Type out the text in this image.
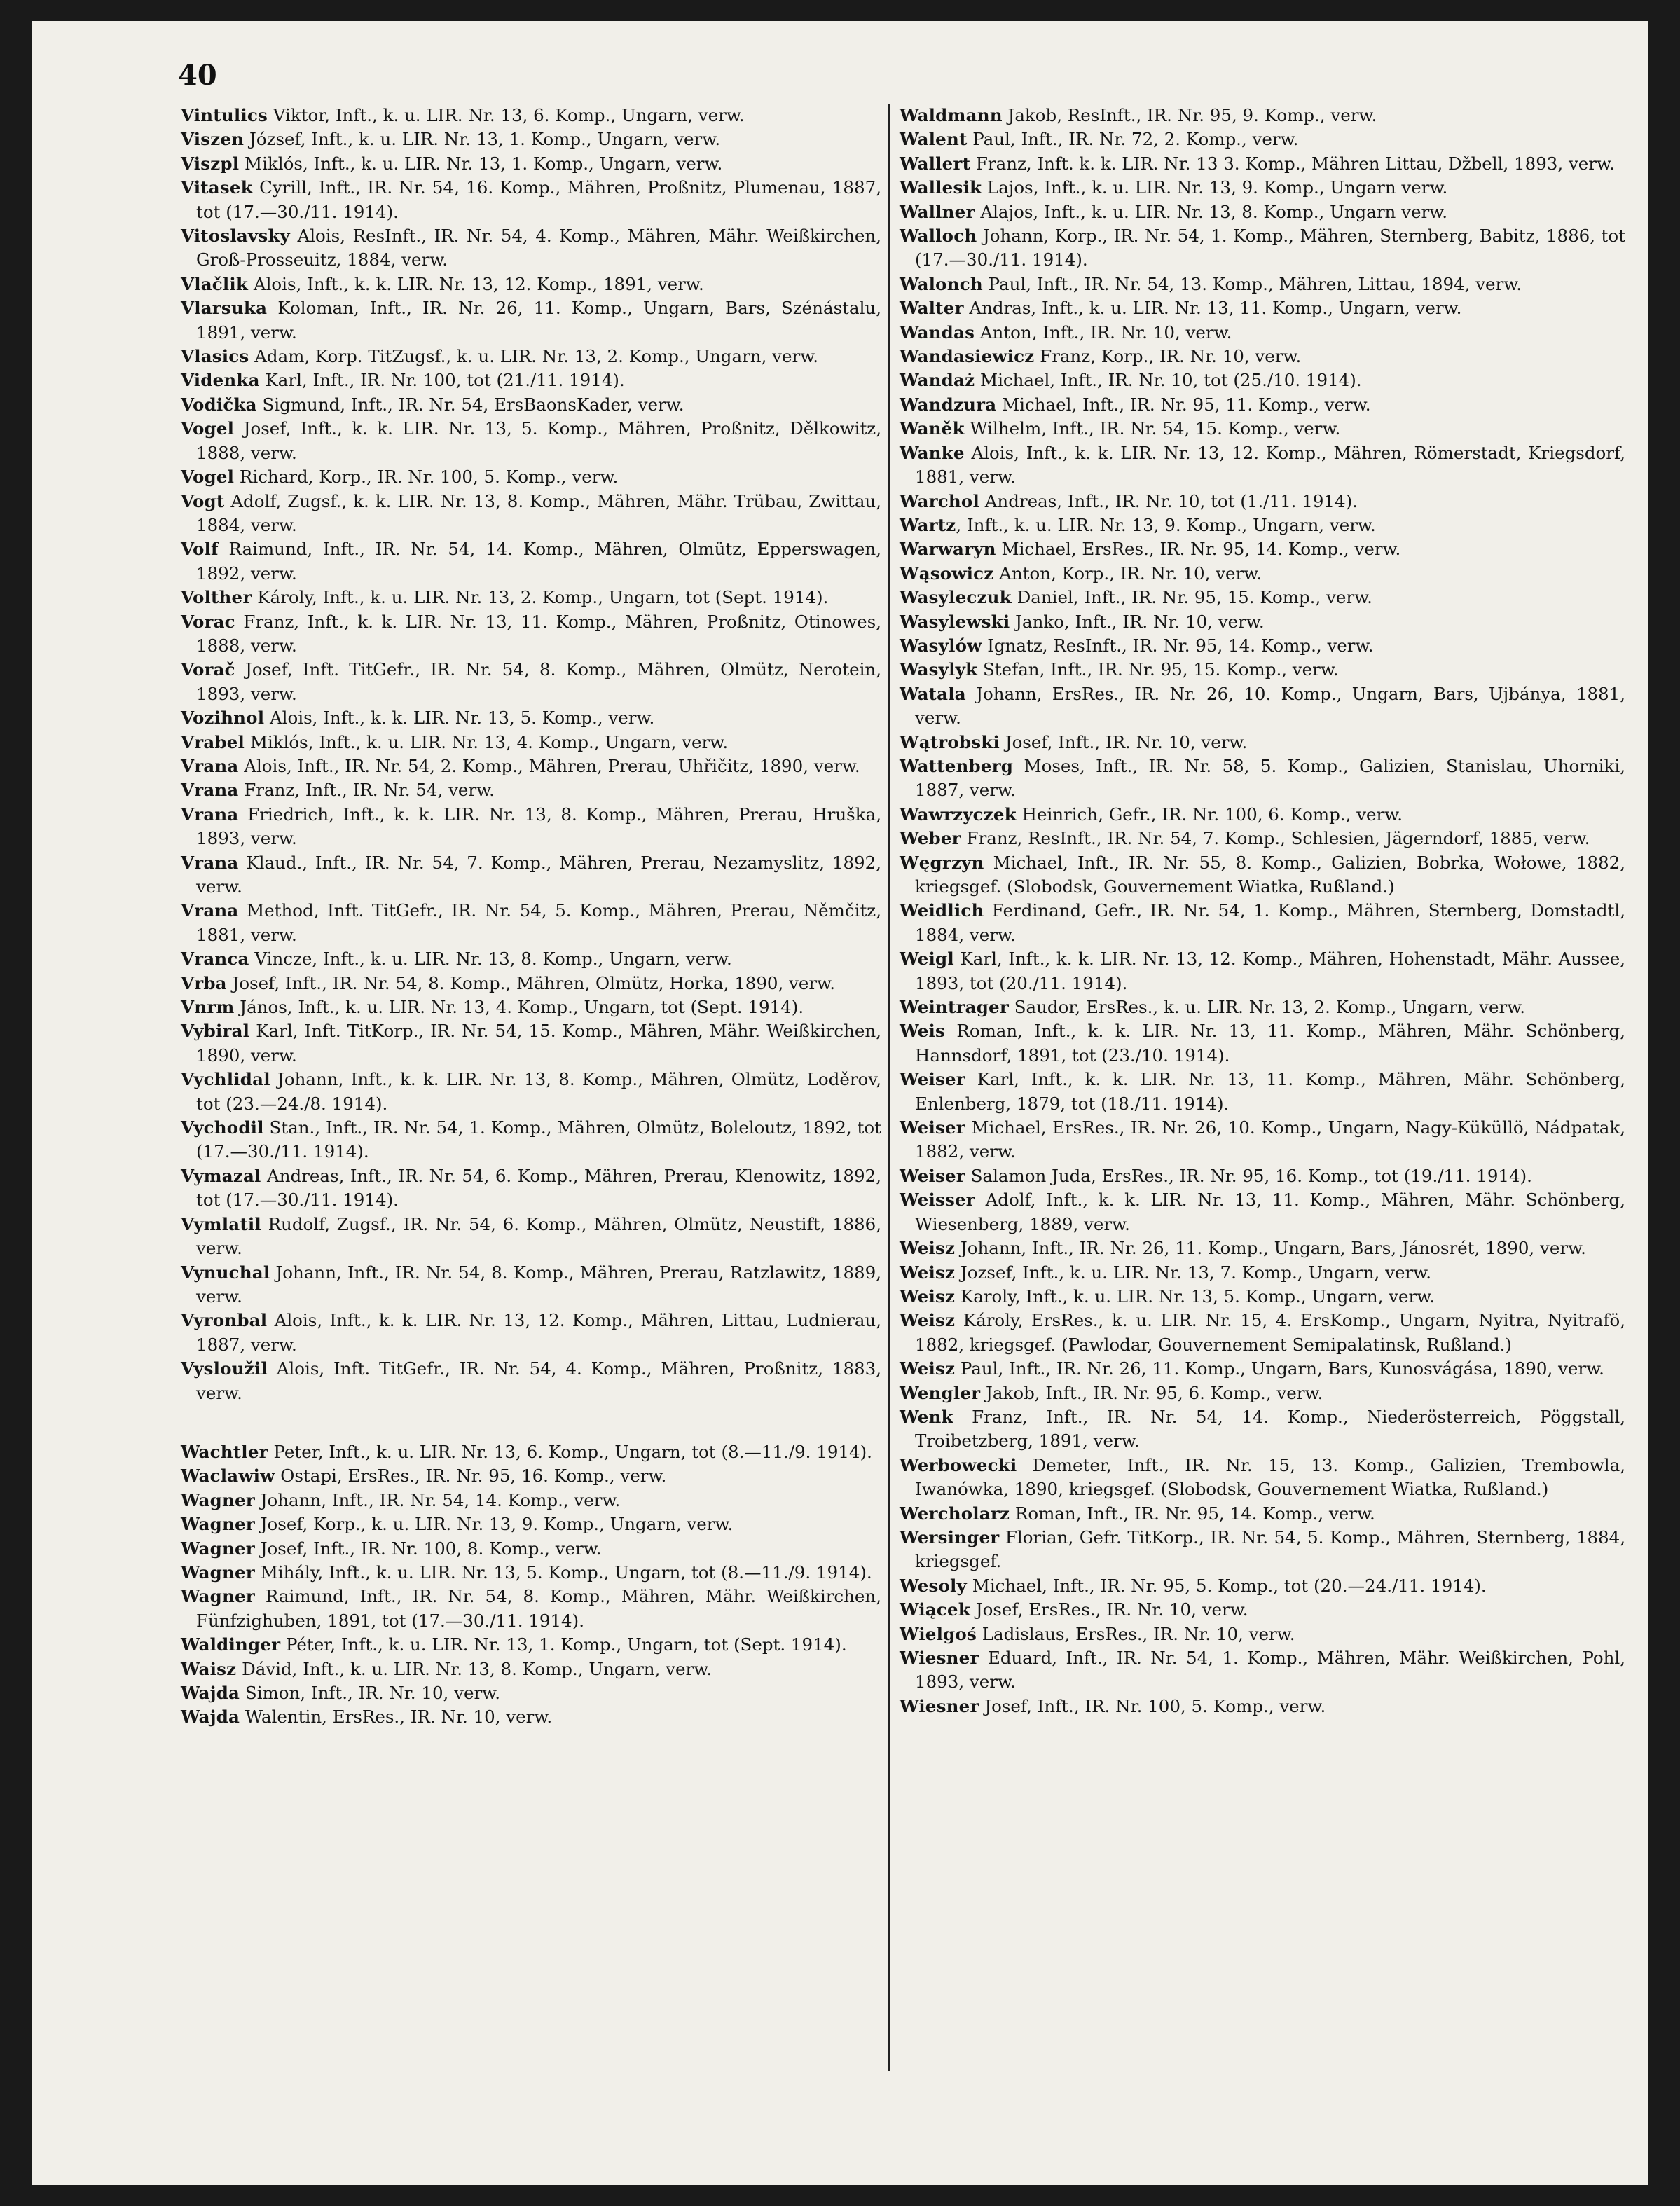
40

Vintulics Viktor, Inft., k. u. LIR. Nr. 13, 6. Komp., Ungarn, verw.

Viszen József, Inft., k. u. LIR. Nr. 13, 1. Komp., Ungarn, verw.

Viszpl Miklós, Inft., k. u. LIR. Nr. 13, 1. Komp., Ungarn, verw.

Vitasek Cyrill, Inft., IR. Nr. 54, 16. Komp., Mähren, Proßnitz, Plumenau, 1887, tot (17.—30./11. 1914).

Vitoslavsky Alois, ResInft., IR. Nr. 54, 4. Komp., Mähren, Mähr. Weißkirchen, Groß-Prosseuitz, 1884, verw.

Vlačlik Alois, Inft., k. k. LIR. Nr. 13, 12. Komp., 1891, verw.

Vlarsuka Koloman, Inft., IR. Nr. 26, 11. Komp., Ungarn, Bars, Szénástalu, 1891, verw.

Vlasics Adam, Korp. TitZugsf., k. u. LIR. Nr. 13, 2. Komp., Ungarn, verw.

Videnka Karl, Inft., IR. Nr. 100, tot (21./11. 1914).

Vodička Sigmund, Inft., IR. Nr. 54, ErsBaonsKader, verw.

Vogel Josef, Inft., k. k. LIR. Nr. 13, 5. Komp., Mähren, Proßnitz, Dělkowitz, 1888, verw.

Vogel Richard, Korp., IR. Nr. 100, 5. Komp., verw.

Vogt Adolf, Zugsf., k. k. LIR. Nr. 13, 8. Komp., Mähren, Mähr. Trübau, Zwittau, 1884, verw.

Volf Raimund, Inft., IR. Nr. 54, 14. Komp., Mähren, Olmütz, Epperswagen, 1892, verw.

Volther Károly, Inft., k. u. LIR. Nr. 13, 2. Komp., Ungarn, tot (Sept. 1914).

Vorac Franz, Inft., k. k. LIR. Nr. 13, 11. Komp., Mähren, Proßnitz, Otinowes, 1888, verw.

Vorač Josef, Inft. TitGefr., IR. Nr. 54, 8. Komp., Mähren, Olmütz, Nerotein, 1893, verw.

Vozihnol Alois, Inft., k. k. LIR. Nr. 13, 5. Komp., verw.

Vrabel Miklós, Inft., k. u. LIR. Nr. 13, 4. Komp., Ungarn, verw.

Vrana Alois, Inft., IR. Nr. 54, 2. Komp., Mähren, Prerau, Uhřičitz, 1890, verw.

Vrana Franz, Inft., IR. Nr. 54, verw.

Vrana Friedrich, Inft., k. k. LIR. Nr. 13, 8. Komp., Mähren, Prerau, Hruška, 1893, verw.

Vrana Klaud., Inft., IR. Nr. 54, 7. Komp., Mähren, Prerau, Nezamyslitz, 1892, verw.

Vrana Method, Inft. TitGefr., IR. Nr. 54, 5. Komp., Mähren, Prerau, Němčitz, 1881, verw.

Vranca Vincze, Inft., k. u. LIR. Nr. 13, 8. Komp., Ungarn, verw.

Vrba Josef, Inft., IR. Nr. 54, 8. Komp., Mähren, Olmütz, Horka, 1890, verw.

Vnrm János, Inft., k. u. LIR. Nr. 13, 4. Komp., Ungarn, tot (Sept. 1914).

Vybiral Karl, Inft. TitKorp., IR. Nr. 54, 15. Komp., Mähren, Mähr. Weißkirchen, 1890, verw.

Vychlidal Johann, Inft., k. k. LIR. Nr. 13, 8. Komp., Mähren, Olmütz, Loděrov, tot (23.—24./8. 1914).

Vychodil Stan., Inft., IR. Nr. 54, 1. Komp., Mähren, Olmütz, Boleloutz, 1892, tot (17.—30./11. 1914).

Vymazal Andreas, Inft., IR. Nr. 54, 6. Komp., Mähren, Prerau, Klenowitz, 1892, tot (17.—30./11. 1914).

Vymlatil Rudolf, Zugsf., IR. Nr. 54, 6. Komp., Mähren, Olmütz, Neustift, 1886, verw.

Vynuchal Johann, Inft., IR. Nr. 54, 8. Komp., Mähren, Prerau, Ratzlawitz, 1889, verw.

Vyronbal Alois, Inft., k. k. LIR. Nr. 13, 12. Komp., Mähren, Littau, Ludnierau, 1887, verw.

Vysloužil Alois, Inft. TitGefr., IR. Nr. 54, 4. Komp., Mähren, Proßnitz, 1883, verw.

Wachtler Peter, Inft., k. u. LIR. Nr. 13, 6. Komp., Ungarn, tot (8.—11./9. 1914).

Waclawiw Ostapi, ErsRes., IR. Nr. 95, 16. Komp., verw.

Wagner Johann, Inft., IR. Nr. 54, 14. Komp., verw.

Wagner Josef, Korp., k. u. LIR. Nr. 13, 9. Komp., Ungarn, verw.

Wagner Josef, Inft., IR. Nr. 100, 8. Komp., verw.

Wagner Mihály, Inft., k. u. LIR. Nr. 13, 5. Komp., Ungarn, tot (8.—11./9. 1914).

Wagner Raimund, Inft., IR. Nr. 54, 8. Komp., Mähren, Mähr. Weißkirchen, Fünfzighuben, 1891, tot (17.—30./11. 1914).

Waldinger Péter, Inft., k. u. LIR. Nr. 13, 1. Komp., Ungarn, tot (Sept. 1914).

Waisz Dávid, Inft., k. u. LIR. Nr. 13, 8. Komp., Ungarn, verw.

Wajda Simon, Inft., IR. Nr. 10, verw.

Wajda Walentin, ErsRes., IR. Nr. 10, verw.

Waldmann Jakob, ResInft., IR. Nr. 95, 9. Komp., verw.

Walent Paul, Inft., IR. Nr. 72, 2. Komp., verw.

Wallert Franz, Inft. k. k. LIR. Nr. 13 3. Komp., Mähren Littau, Džbell, 1893, verw.

Wallesik Lajos, Inft., k. u. LIR. Nr. 13, 9. Komp., Ungarn verw.

Wallner Alajos, Inft., k. u. LIR. Nr. 13, 8. Komp., Ungarn verw.

Walloch Johann, Korp., IR. Nr. 54, 1. Komp., Mähren, Sternberg, Babitz, 1886, tot (17.—30./11. 1914).

Walonch Paul, Inft., IR. Nr. 54, 13. Komp., Mähren, Littau, 1894, verw.

Walter Andras, Inft., k. u. LIR. Nr. 13, 11. Komp., Ungarn, verw.

Wandas Anton, Inft., IR. Nr. 10, verw.

Wandasiewicz Franz, Korp., IR. Nr. 10, verw.

Wandaż Michael, Inft., IR. Nr. 10, tot (25./10. 1914).

Wandzura Michael, Inft., IR. Nr. 95, 11. Komp., verw.

Waněk Wilhelm, Inft., IR. Nr. 54, 15. Komp., verw.

Wanke Alois, Inft., k. k. LIR. Nr. 13, 12. Komp., Mähren, Römerstadt, Kriegsdorf, 1881, verw.

Warchol Andreas, Inft., IR. Nr. 10, tot (1./11. 1914).

Wartz, Inft., k. u. LIR. Nr. 13, 9. Komp., Ungarn, verw.

Warwaryn Michael, ErsRes., IR. Nr. 95, 14. Komp., verw.

Wąsowicz Anton, Korp., IR. Nr. 10, verw.

Wasyleczuk Daniel, Inft., IR. Nr. 95, 15. Komp., verw.

Wasylewski Janko, Inft., IR. Nr. 10, verw.

Wasylów Ignatz, ResInft., IR. Nr. 95, 14. Komp., verw.

Wasylyk Stefan, Inft., IR. Nr. 95, 15. Komp., verw.

Watala Johann, ErsRes., IR. Nr. 26, 10. Komp., Ungarn, Bars, Ujbánya, 1881, verw.

Wątrobski Josef, Inft., IR. Nr. 10, verw.

Wattenberg Moses, Inft., IR. Nr. 58, 5. Komp., Galizien, Stanislau, Uhorniki, 1887, verw.

Wawrzyczek Heinrich, Gefr., IR. Nr. 100, 6. Komp., verw.

Weber Franz, ResInft., IR. Nr. 54, 7. Komp., Schlesien, Jägerndorf, 1885, verw.

Węgrzyn Michael, Inft., IR. Nr. 55, 8. Komp., Galizien, Bobrka, Wołowe, 1882, kriegsgef. (Slobodsk, Gouvernement Wiatka, Rußland.)

Weidlich Ferdinand, Gefr., IR. Nr. 54, 1. Komp., Mähren, Sternberg, Domstadtl, 1884, verw.

Weigl Karl, Inft., k. k. LIR. Nr. 13, 12. Komp., Mähren, Hohenstadt, Mähr. Aussee, 1893, tot (20./11. 1914).

Weintrager Saudor, ErsRes., k. u. LIR. Nr. 13, 2. Komp., Ungarn, verw.

Weis Roman, Inft., k. k. LIR. Nr. 13, 11. Komp., Mähren, Mähr. Schönberg, Hannsdorf, 1891, tot (23./10. 1914).

Weiser Karl, Inft., k. k. LIR. Nr. 13, 11. Komp., Mähren, Mähr. Schönberg, Enlenberg, 1879, tot (18./11. 1914).

Weiser Michael, ErsRes., IR. Nr. 26, 10. Komp., Ungarn, Nagy-Küküllö, Nádpatak, 1882, verw.

Weiser Salamon Juda, ErsRes., IR. Nr. 95, 16. Komp., tot (19./11. 1914).

Weisser Adolf, Inft., k. k. LIR. Nr. 13, 11. Komp., Mähren, Mähr. Schönberg, Wiesenberg, 1889, verw.

Weisz Johann, Inft., IR. Nr. 26, 11. Komp., Ungarn, Bars, Jánosrét, 1890, verw.

Weisz Jozsef, Inft., k. u. LIR. Nr. 13, 7. Komp., Ungarn, verw.

Weisz Karoly, Inft., k. u. LIR. Nr. 13, 5. Komp., Ungarn, verw.

Weisz Károly, ErsRes., k. u. LIR. Nr. 15, 4. ErsKomp., Ungarn, Nyitra, Nyitrafö, 1882, kriegsgef. (Pawlodar, Gouvernement Semipalatinsk, Rußland.)

Weisz Paul, Inft., IR. Nr. 26, 11. Komp., Ungarn, Bars, Kunosvágása, 1890, verw.

Wengler Jakob, Inft., IR. Nr. 95, 6. Komp., verw.

Wenk Franz, Inft., IR. Nr. 54, 14. Komp., Niederösterreich, Pöggstall, Troibetzberg, 1891, verw.

Werbowecki Demeter, Inft., IR. Nr. 15, 13. Komp., Galizien, Trembowla, Iwanówka, 1890, kriegsgef. (Slobodsk, Gouvernement Wiatka, Rußland.)

Wercholarz Roman, Inft., IR. Nr. 95, 14. Komp., verw.

Wersinger Florian, Gefr. TitKorp., IR. Nr. 54, 5. Komp., Mähren, Sternberg, 1884, kriegsgef.

Wesoly Michael, Inft., IR. Nr. 95, 5. Komp., tot (20.—24./11. 1914).

Wiącek Josef, ErsRes., IR. Nr. 10, verw.

Wielgoś Ladislaus, ErsRes., IR. Nr. 10, verw.

Wiesner Eduard, Inft., IR. Nr. 54, 1. Komp., Mähren, Mähr. Weißkirchen, Pohl, 1893, verw.

Wiesner Josef, Inft., IR. Nr. 100, 5. Komp., verw.
